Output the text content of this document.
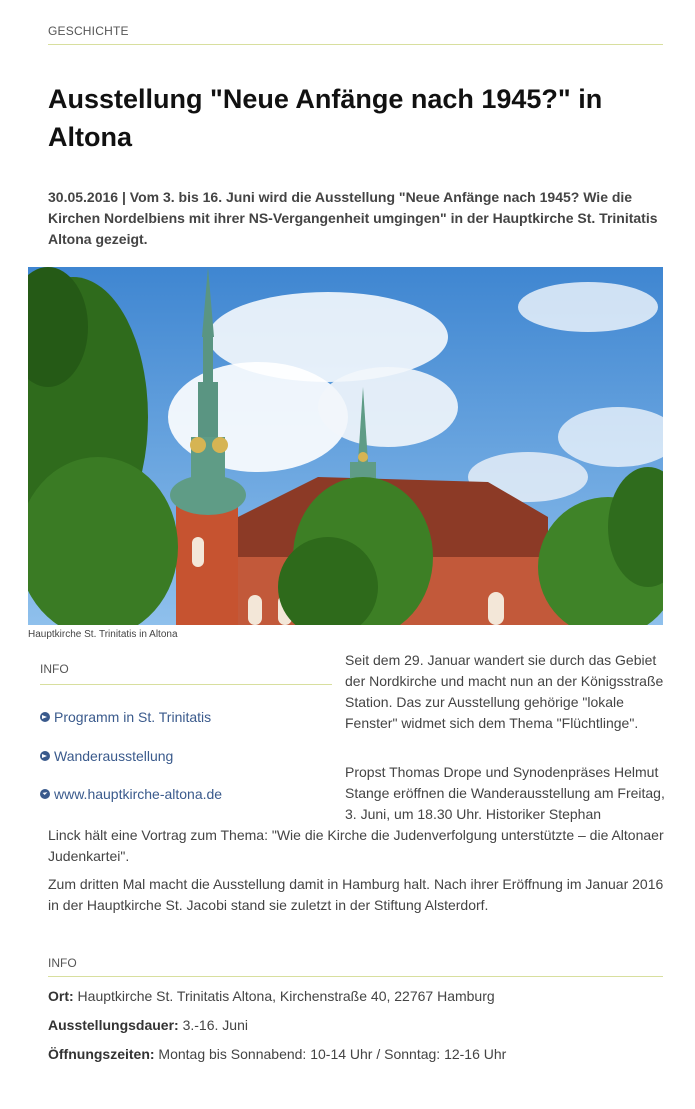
GESCHICHTE
Ausstellung "Neue Anfänge nach 1945?" in Altona

30.05.2016 | Vom 3. bis 16. Juni wird die Ausstellung "Neue Anfänge nach 1945? Wie die Kirchen Nordelbiens mit ihrer NS-Vergangenheit umgingen" in der Hauptkirche St. Trinitatis Altona gezeigt.

Hauptkirche St. Trinitatis in Altona
INFO
Programm in St. Trinitatis
Wanderausstellung
www.hauptkirche-altona.de

Seit dem 29. Januar wandert sie durch das Gebiet der Nordkirche und macht nun an der Königsstraße Station. Das zur Ausstellung gehörige "lokale Fenster" widmet sich dem Thema "Flüchtlinge".

Propst Thomas Drope und Synodenpräses Helmut Stange eröffnen die Wanderausstellung am Freitag, 3. Juni, um 18.30 Uhr. Historiker Stephan

Linck hält eine Vortrag zum Thema: "Wie die Kirche die Judenverfolgung unterstützte – die Altonaer Judenkartei".

Zum dritten Mal macht die Ausstellung damit in Hamburg halt. Nach ihrer Eröffnung im Januar 2016 in der Hauptkirche St. Jacobi stand sie zuletzt in der Stiftung Alsterdorf.

INFO
Ort: Hauptkirche St. Trinitatis Altona, Kirchenstraße 40, 22767 Hamburg
Ausstellungsdauer: 3.-16. Juni
Öffnungszeiten: Montag bis Sonnabend: 10-14 Uhr / Sonntag: 12-16 Uhr
